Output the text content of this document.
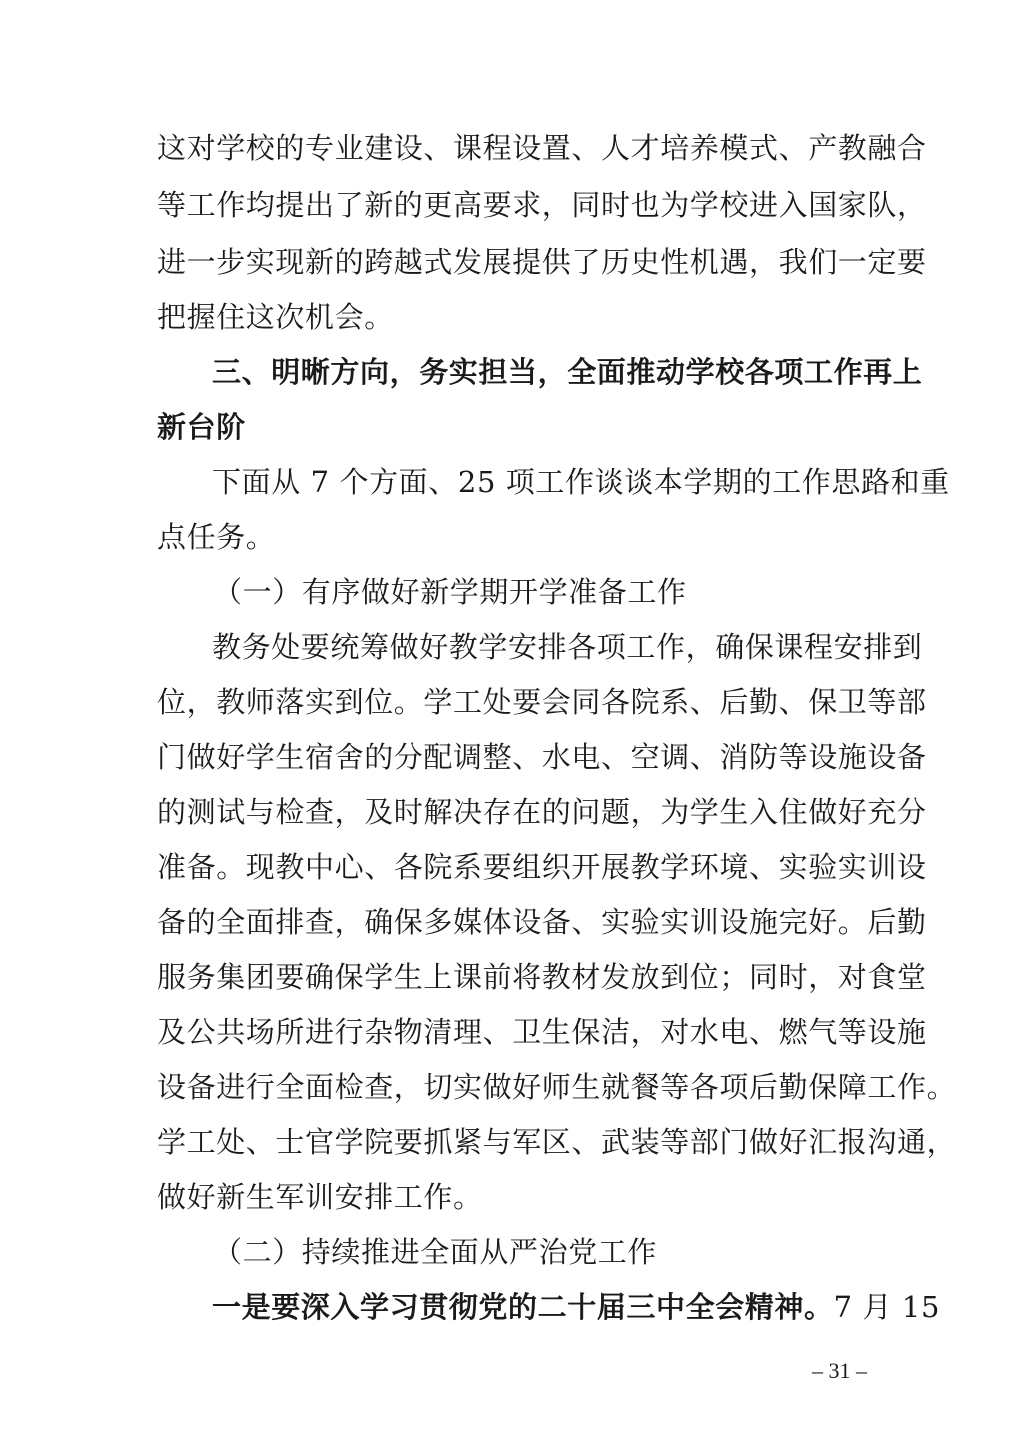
这对学校的专业建设、课程设置、人才培养模式、产教融合
等工作均提出了新的更高要求，同时也为学校进入国家队，
进一步实现新的跨越式发展提供了历史性机遇，我们一定要
把握住这次机会。
三、明晰方向，务实担当，全面推动学校各项工作再上
新台阶
下面从 7 个方面、25 项工作谈谈本学期的工作思路和重
点任务。
（一）有序做好新学期开学准备工作
教务处要统筹做好教学安排各项工作，确保课程安排到
位，教师落实到位。学工处要会同各院系、后勤、保卫等部
门做好学生宿舍的分配调整、水电、空调、消防等设施设备
的测试与检查，及时解决存在的问题，为学生入住做好充分
准备。现教中心、各院系要组织开展教学环境、实验实训设
备的全面排查，确保多媒体设备、实验实训设施完好。后勤
服务集团要确保学生上课前将教材发放到位；同时，对食堂
及公共场所进行杂物清理、卫生保洁，对水电、燃气等设施
设备进行全面检查，切实做好师生就餐等各项后勤保障工作。
学工处、士官学院要抓紧与军区、武装等部门做好汇报沟通，
做好新生军训安排工作。
（二）持续推进全面从严治党工作
一是要深入学习贯彻党的二十届三中全会精神。7 月 15
– 31 –
